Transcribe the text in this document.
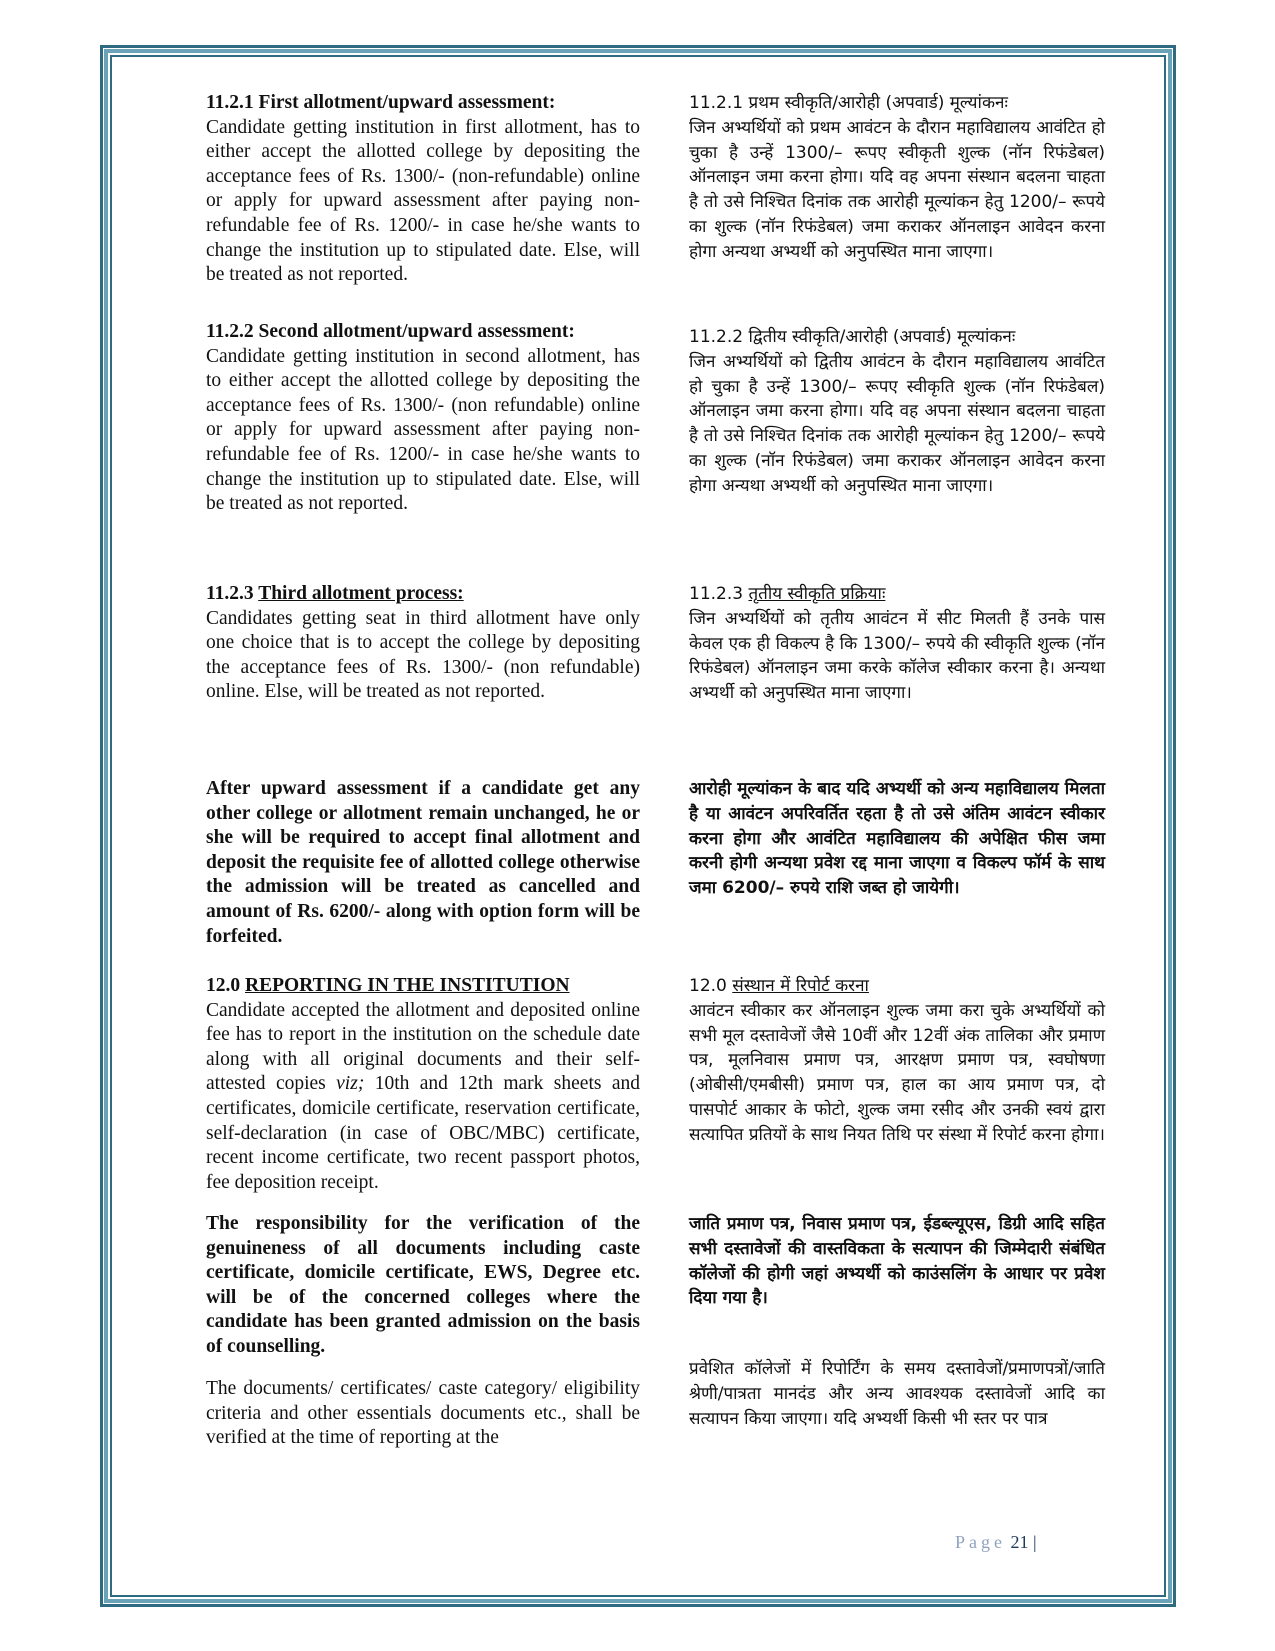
11.2.1 First allotment/upward assessment:
Candidate getting institution in first allotment, has to either accept the allotted college by depositing the acceptance fees of Rs. 1300/- (non-refundable) online or apply for upward assessment after paying non- refundable fee of Rs. 1200/- in case he/she wants to change the institution up to stipulated date. Else, will be treated as not reported.
11.2.1 प्रथम स्वीकृति/आरोही (अपवार्ड) मूल्यांकनः
जिन अभ्यर्थियों को प्रथम आवंटन के दौरान महाविद्यालय आवंटित हो चुका है उन्हें 1300/– रूपए स्वीकृती शुल्क (नॉन रिफंडेबल) ऑनलाइन जमा करना होगा। यदि वह अपना संस्थान बदलना चाहता है तो उसे निश्चित दिनांक तक आरोही मूल्यांकन हेतु 1200/– रूपये का शुल्क (नॉन रिफंडेबल) जमा कराकर ऑनलाइन आवेदन करना होगा अन्यथा अभ्यर्थी को अनुपस्थित माना जाएगा।
11.2.2 Second allotment/upward assessment:
Candidate getting institution in second allotment, has to either accept the allotted college by depositing the acceptance fees of Rs. 1300/- (non refundable) online or apply for upward assessment after paying non- refundable fee of Rs. 1200/- in case he/she wants to change the institution up to stipulated date. Else, will be treated as not reported.
11.2.2 द्वितीय स्वीकृति/आरोही (अपवार्ड) मूल्यांकनः
जिन अभ्यर्थियों को द्वितीय आवंटन के दौरान महाविद्यालय आवंटित हो चुका है उन्हें 1300/– रूपए स्वीकृति शुल्क (नॉन रिफंडेबल) ऑनलाइन जमा करना होगा। यदि वह अपना संस्थान बदलना चाहता है तो उसे निश्चित दिनांक तक आरोही मूल्यांकन हेतु 1200/– रूपये का शुल्क (नॉन रिफंडेबल) जमा कराकर ऑनलाइन आवेदन करना होगा अन्यथा अभ्यर्थी को अनुपस्थित माना जाएगा।
11.2.3 Third allotment process:
Candidates getting seat in third allotment have only one choice that is to accept the college by depositing the acceptance fees of Rs. 1300/- (non refundable) online. Else, will be treated as not reported.
11.2.3 तृतीय स्वीकृति प्रक्रियाः
जिन अभ्यर्थियों को तृतीय आवंटन में सीट मिलती हैं उनके पास केवल एक ही विकल्प है कि 1300/– रुपये की स्वीकृति शुल्क (नॉन रिफंडेबल) ऑनलाइन जमा करके कॉलेज स्वीकार करना है। अन्यथा अभ्यर्थी को अनुपस्थित माना जाएगा।
After upward assessment if a candidate get any other college or allotment remain unchanged, he or she will be required to accept final allotment and deposit the requisite fee of allotted college otherwise the admission will be treated as cancelled and amount of Rs. 6200/- along with option form will be forfeited.
आरोही मूल्यांकन के बाद यदि अभ्यर्थी को अन्य महाविद्यालय मिलता है या आवंटन अपरिवर्तित रहता है तो उसे अंतिम आवंटन स्वीकार करना होगा और आवंटित महाविद्यालय की अपेक्षित फीस जमा करनी होगी अन्यथा प्रवेश रद्द माना जाएगा व विकल्प फॉर्म के साथ जमा 6200/– रुपये राशि जब्त हो जायेगी।
12.0 REPORTING IN THE INSTITUTION
Candidate accepted the allotment and deposited online fee has to report in the institution on the schedule date along with all original documents and their self-attested copies viz; 10th and 12th mark sheets and certificates, domicile certificate, reservation certificate, self-declaration (in case of OBC/MBC) certificate, recent income certificate, two recent passport photos, fee deposition receipt.
12.0 संस्थान में रिपोर्ट करना
आवंटन स्वीकार कर ऑनलाइन शुल्क जमा करा चुके अभ्यर्थियों को सभी मूल दस्तावेजों जैसे 10वीं और 12वीं अंक तालिका और प्रमाण पत्र, मूलनिवास प्रमाण पत्र, आरक्षण प्रमाण पत्र, स्वघोषणा (ओबीसी/एमबीसी) प्रमाण पत्र, हाल का आय प्रमाण पत्र, दो पासपोर्ट आकार के फोटो, शुल्क जमा रसीद और उनकी स्वयं द्वारा सत्यापित प्रतियों के साथ नियत तिथि पर संस्था में रिपोर्ट करना होगा।
The responsibility for the verification of the genuineness of all documents including caste certificate, domicile certificate, EWS, Degree etc. will be of the concerned colleges where the candidate has been granted admission on the basis of counselling.
जाति प्रमाण पत्र, निवास प्रमाण पत्र, ईडब्ल्यूएस, डिग्री आदि सहित सभी दस्तावेजों की वास्तविकता के सत्यापन की जिम्मेदारी संबंधित कॉलेजों की होगी जहां अभ्यर्थी को काउंसलिंग के आधार पर प्रवेश दिया गया है।
The documents/ certificates/ caste category/ eligibility criteria and other essentials documents etc., shall be verified at the time of reporting at the
प्रवेशित कॉलेजों में रिपोर्टिंग के समय दस्तावेजों/प्रमाणपत्रों/जाति श्रेणी/पात्रता मानदंड और अन्य आवश्यक दस्तावेजों आदि का सत्यापन किया जाएगा। यदि अभ्यर्थी किसी भी स्तर पर पात्र
Page 21 |
